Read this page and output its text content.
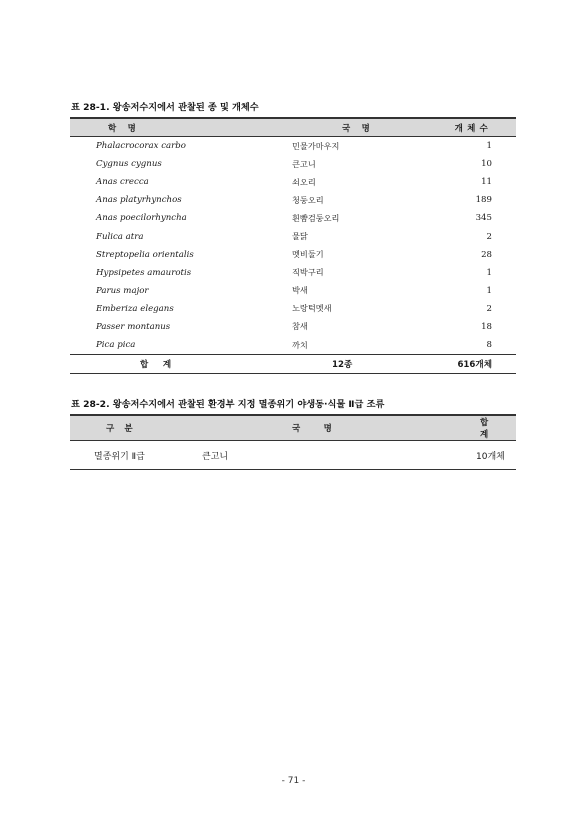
표 28-1. 왕송저수지에서 관찰된 종 및 개체수
학 명	국 명	개체수
Phalacrocorax carbo	민물가마우지	1
Cygnus cygnus	큰고니	10
Anas crecca	쇠오리	11
Anas platyrhynchos	청둥오리	189
Anas poecilorhyncha	흰뺨검둥오리	345
Fulica atra	물닭	2
Streptopelia orientalis	멧비둘기	28
Hypsipetes amaurotis	직박구리	1
Parus major	박새	1
Emberiza elegans	노랑턱멧새	2
Passer montanus	참새	18
Pica pica	까치	8
합계	12종	616개체
표 28-2. 왕송저수지에서 관찰된 환경부 지정 멸종위기 야생동·식물 Ⅱ급 조류
구분	국 명	합 계
멸종위기 Ⅱ급	큰고니	10개체
- 71 -
